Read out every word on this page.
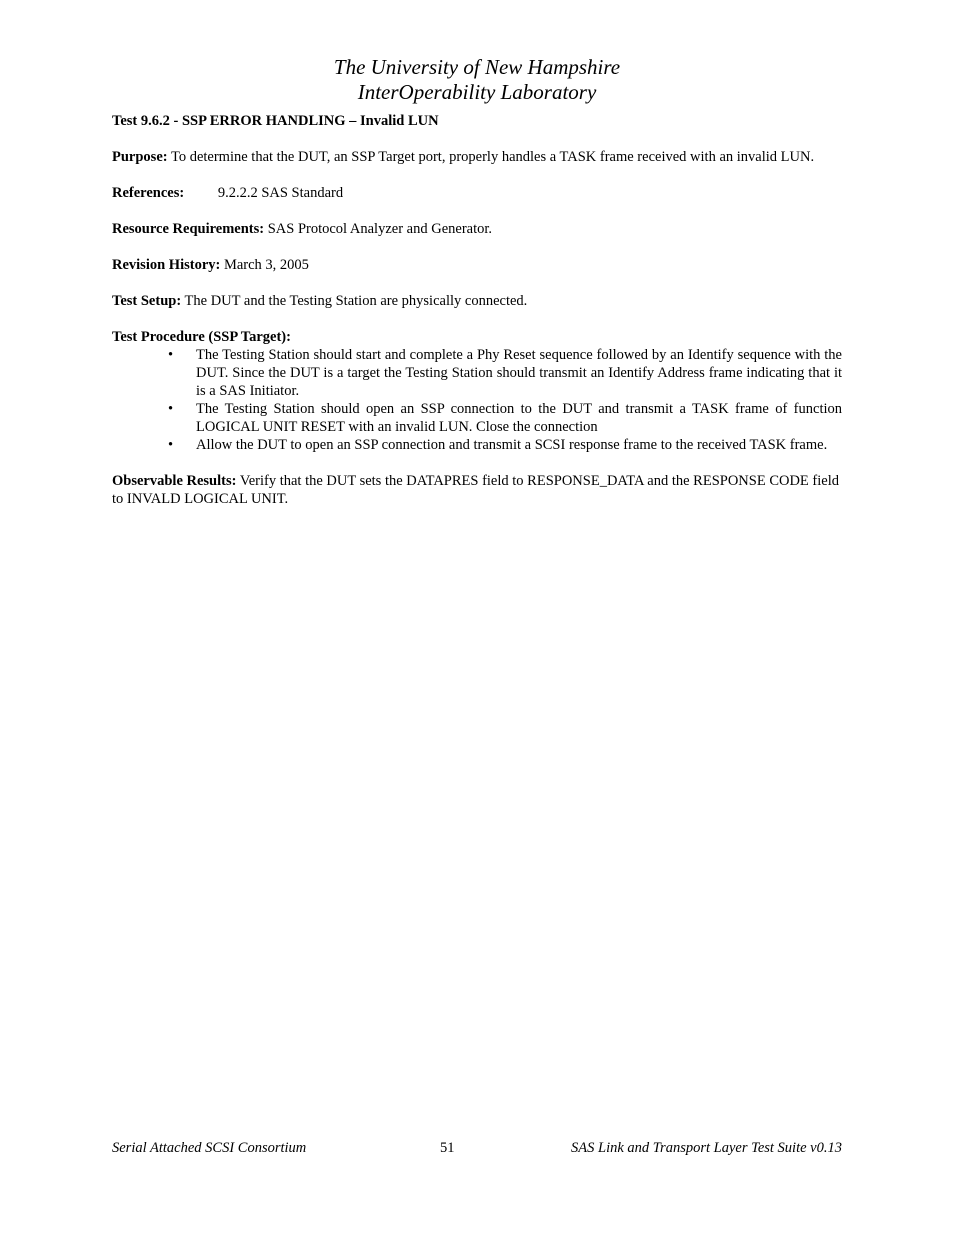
The University of New Hampshire
InterOperability Laboratory
Test 9.6.2 - SSP ERROR HANDLING – Invalid LUN

Purpose: To determine that the DUT, an SSP Target port, properly handles a TASK frame received with an invalid LUN.

References: 9.2.2.2 SAS Standard

Resource Requirements: SAS Protocol Analyzer and Generator.

Revision History: March 3, 2005

Test Setup: The DUT and the Testing Station are physically connected.

Test Procedure (SSP Target):

• The Testing Station should start and complete a Phy Reset sequence followed by an Identify sequence with the DUT. Since the DUT is a target the Testing Station should transmit an Identify Address frame indicating that it is a SAS Initiator.
• The Testing Station should open an SSP connection to the DUT and transmit a TASK frame of function LOGICAL UNIT RESET with an invalid LUN. Close the connection
• Allow the DUT to open an SSP connection and transmit a SCSI response frame to the received TASK frame.

Observable Results: Verify that the DUT sets the DATAPRES field to RESPONSE_DATA and the RESPONSE CODE field to INVALD LOGICAL UNIT.

Serial Attached SCSI Consortium	51	SAS Link and Transport Layer Test Suite v0.13
